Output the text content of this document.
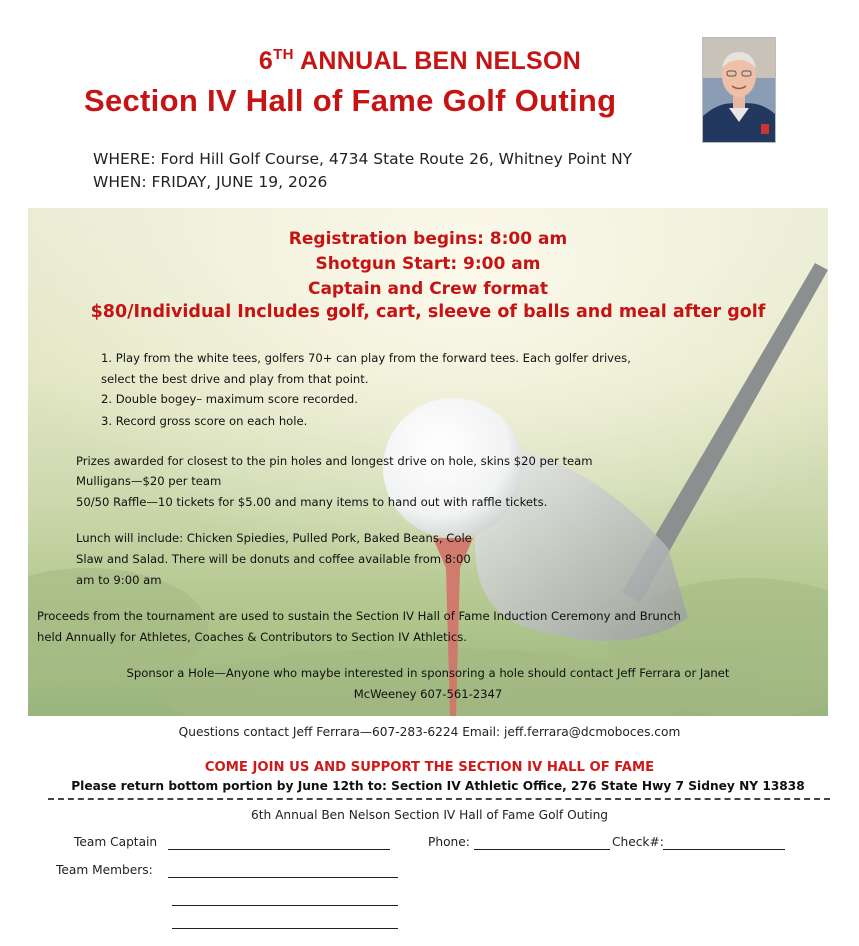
6TH ANNUAL BEN NELSON
Section IV Hall of Fame Golf Outing
WHERE: Ford Hill Golf Course, 4734 State Route 26, Whitney Point NY
WHEN: FRIDAY, JUNE 19, 2026
Registration begins: 8:00 am
Shotgun Start: 9:00 am
Captain and Crew format
$80/Individual Includes golf, cart, sleeve of balls and meal after golf
1. Play from the white tees, golfers 70+ can play from the forward tees. Each golfer drives,
select the best drive and play from that point.
2. Double bogey– maximum score recorded.
3. Record gross score on each hole.
Prizes awarded for closest to the pin holes and longest drive on hole, skins $20 per team
Mulligans—$20 per team
50/50 Raffle—10 tickets for $5.00 and many items to hand out with raffle tickets.
Lunch will include: Chicken Spiedies, Pulled Pork, Baked Beans, Cole
Slaw and Salad. There will be donuts and coffee available from 8:00
am to 9:00 am
Proceeds from the tournament are used to sustain the Section IV Hall of Fame Induction Ceremony and Brunch
held Annually for Athletes, Coaches & Contributors to Section IV Athletics.
Sponsor a Hole—Anyone who maybe interested in sponsoring a hole should contact Jeff Ferrara or Janet
McWeeney 607-561-2347
Questions contact Jeff Ferrara—607-283-6224 Email: jeff.ferrara@dcmoboces.com
COME JOIN US AND SUPPORT THE SECTION IV HALL OF FAME
Please return bottom portion by June 12th to: Section IV Athletic Office, 276 State Hwy 7 Sidney NY 13838
6th Annual Ben Nelson Section IV Hall of Fame Golf Outing
Team Captain	Phone:	Check#:
Team Members:
